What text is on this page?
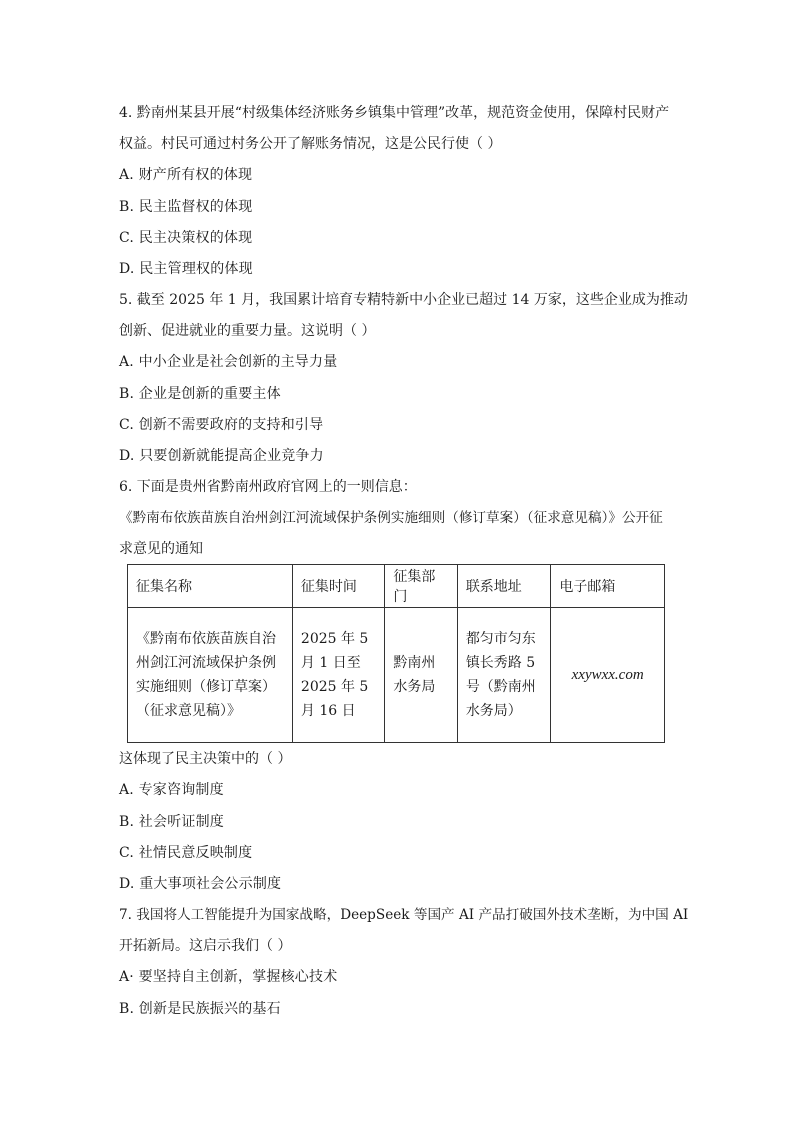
4. 黔南州某县开展“村级集体经济账务乡镇集中管理”改革，规范资金使用，保障村民财产
权益。村民可通过村务公开了解账务情况，这是公民行使（ ）
A. 财产所有权的体现
B. 民主监督权的体现
C. 民主决策权的体现
D. 民主管理权的体现
5. 截至 2025 年 1 月，我国累计培育专精特新中小企业已超过 14 万家，这些企业成为推动
创新、促进就业的重要力量。这说明（ ）
A. 中小企业是社会创新的主导力量
B. 企业是创新的重要主体
C. 创新不需要政府的支持和引导
D. 只要创新就能提高企业竞争力
6. 下面是贵州省黔南州政府官网上的一则信息：
《黔南布依族苗族自治州剑江河流域保护条例实施细则（修订草案）（征求意见稿）》公开征
求意见的通知
征集名称	征集时间	征集部门	联系地址	电子邮箱
《黔南布依族苗族自治州剑江河流域保护条例实施细则（修订草案）（征求意见稿）》	2025 年 5 月 1 日至 2025 年 5 月 16 日	黔南州水务局	都匀市匀东镇长秀路 5 号（黔南州水务局）	xxywxx.com
这体现了民主决策中的（ ）
A. 专家咨询制度
B. 社会听证制度
C. 社情民意反映制度
D. 重大事项社会公示制度
7. 我国将人工智能提升为国家战略，DeepSeek 等国产 AI 产品打破国外技术垄断，为中国 AI
开拓新局。这启示我们（ ）
A· 要坚持自主创新，掌握核心技术
B. 创新是民族振兴的基石
